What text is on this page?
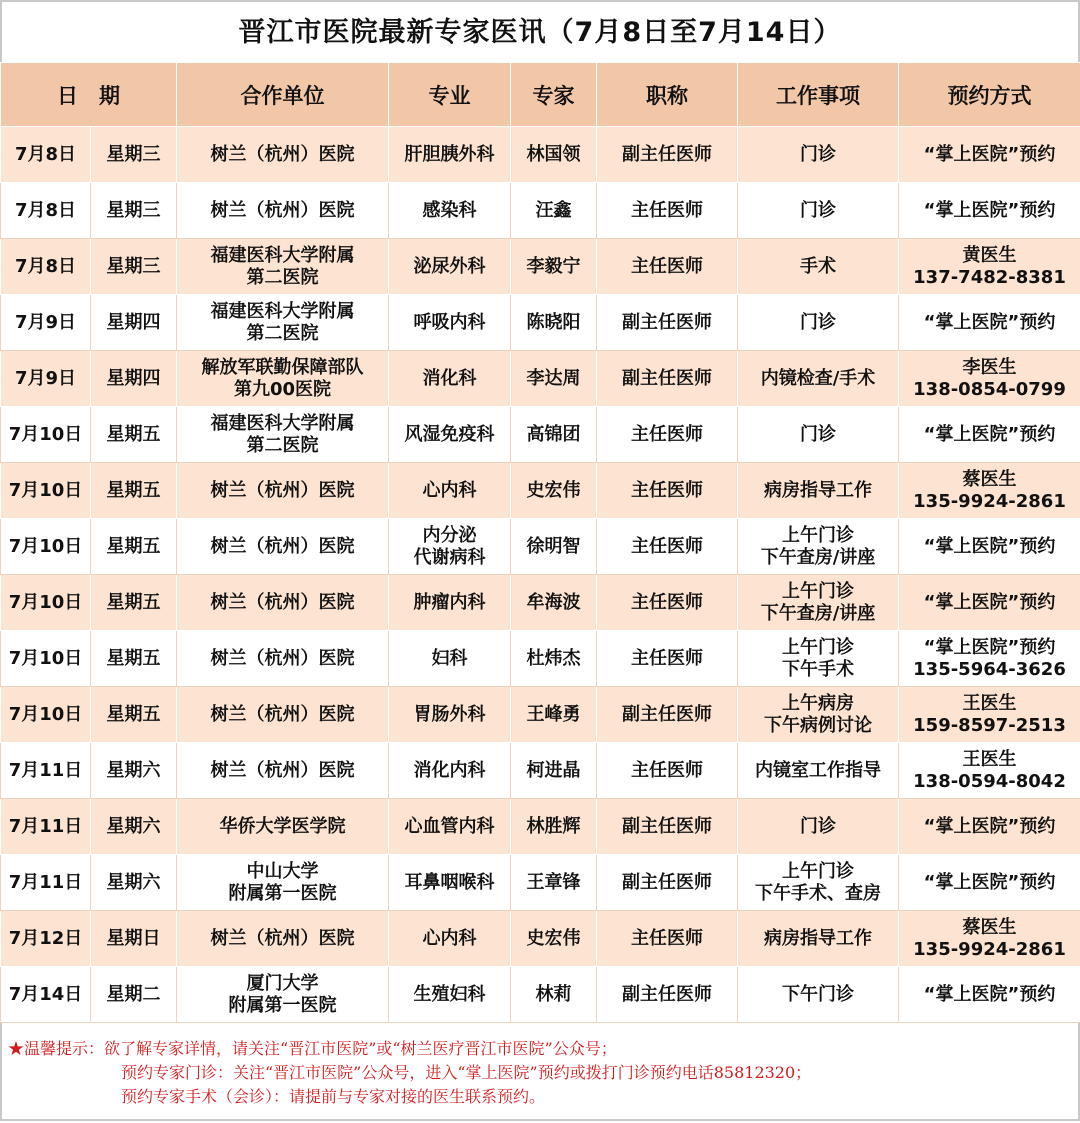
晋江市医院最新专家医讯（7月8日至7月14日）
日　期		合作单位	专业	专家	职称	工作事项	预约方式
7月8日	星期三	树兰（杭州）医院	肝胆胰外科	林国领	副主任医师	门诊	“掌上医院”预约

7月8日	星期三	树兰（杭州）医院	感染科	汪鑫	主任医师	门诊	“掌上医院”预约

7月8日	星期三	福建医科大学附属
第二医院	泌尿外科	李毅宁	主任医师	手术	黄医生
137-7482-8381

7月9日	星期四	福建医科大学附属
第二医院	呼吸内科	陈晓阳	副主任医师	门诊	“掌上医院”预约

7月9日	星期四	解放军联勤保障部队
第九00医院	消化科	李达周	副主任医师	内镜检查/手术	李医生
138-0854-0799

7月10日	星期五	福建医科大学附属
第二医院	风湿免疫科	高锦团	主任医师	门诊	“掌上医院”预约

7月10日	星期五	树兰（杭州）医院	心内科	史宏伟	主任医师	病房指导工作	蔡医生
135-9924-2861

7月10日	星期五	树兰（杭州）医院	内分泌
代谢病科	徐明智	主任医师	上午门诊
下午查房/讲座	“掌上医院”预约

7月10日	星期五	树兰（杭州）医院	肿瘤内科	牟海波	主任医师	上午门诊
下午查房/讲座	“掌上医院”预约

7月10日	星期五	树兰（杭州）医院	妇科	杜炜杰	主任医师	上午门诊
下午手术	“掌上医院”预约
135-5964-3626

7月10日	星期五	树兰（杭州）医院	胃肠外科	王峰勇	副主任医师	上午病房
下午病例讨论	王医生
159-8597-2513

7月11日	星期六	树兰（杭州）医院	消化内科	柯进晶	主任医师	内镜室工作指导	王医生
138-0594-8042

7月11日	星期六	华侨大学医学院	心血管内科	林胜辉	副主任医师	门诊	“掌上医院”预约

7月11日	星期六	中山大学
附属第一医院	耳鼻咽喉科	王章锋	副主任医师	上午门诊
下午手术、查房	“掌上医院”预约

7月12日	星期日	树兰（杭州）医院	心内科	史宏伟	主任医师	病房指导工作	蔡医生
135-9924-2861

7月14日	星期二	厦门大学
附属第一医院	生殖妇科	林莉	副主任医师	下午门诊	“掌上医院”预约
★温馨提示：欲了解专家详情，请关注“晋江市医院”或“树兰医疗晋江市医院”公众号；
预约专家门诊：关注“晋江市医院”公众号，进入“掌上医院”预约或拨打门诊预约电话85812320；
预约专家手术（会诊）：请提前与专家对接的医生联系预约。
